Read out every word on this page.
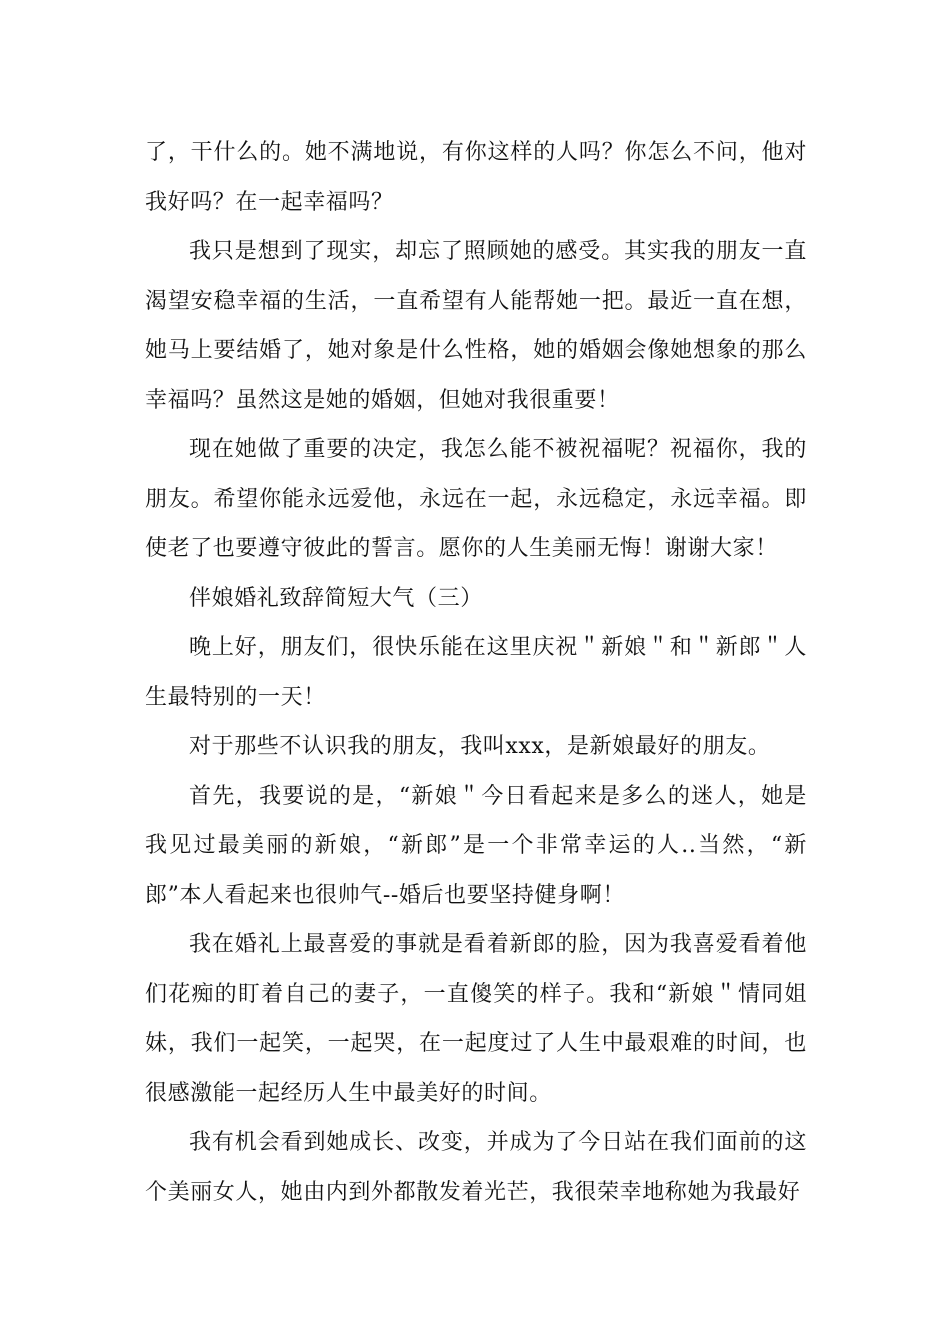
了，干什么的。她不满地说，有你这样的人吗？你怎么不问，他对我好吗？在一起幸福吗？

我只是想到了现实，却忘了照顾她的感受。其实我的朋友一直渴望安稳幸福的生活，一直希望有人能帮她一把。最近一直在想，她马上要结婚了，她对象是什么性格，她的婚姻会像她想象的那么幸福吗？虽然这是她的婚姻，但她对我很重要！

现在她做了重要的决定，我怎么能不被祝福呢？祝福你，我的朋友。希望你能永远爱他，永远在一起，永远稳定，永远幸福。即使老了也要遵守彼此的誓言。愿你的人生美丽无悔！谢谢大家！

伴娘婚礼致辞简短大气（三）

晚上好，朋友们，很快乐能在这里庆祝＂新娘＂和＂新郎＂人生最特别的一天！

对于那些不认识我的朋友，我叫xxx，是新娘最好的朋友。

首先，我要说的是，“新娘＂今日看起来是多么的迷人，她是我见过最美丽的新娘，“新郎”是一个非常幸运的人..当然，“新郎”本人看起来也很帅气--婚后也要坚持健身啊！

我在婚礼上最喜爱的事就是看着新郎的脸，因为我喜爱看着他们花痴的盯着自己的妻子，一直傻笑的样子。我和“新娘＂情同姐妹，我们一起笑，一起哭，在一起度过了人生中最艰难的时间，也很感激能一起经历人生中最美好的时间。

我有机会看到她成长、改变，并成为了今日站在我们面前的这个美丽女人，她由内到外都散发着光芒，我很荣幸地称她为我最好
